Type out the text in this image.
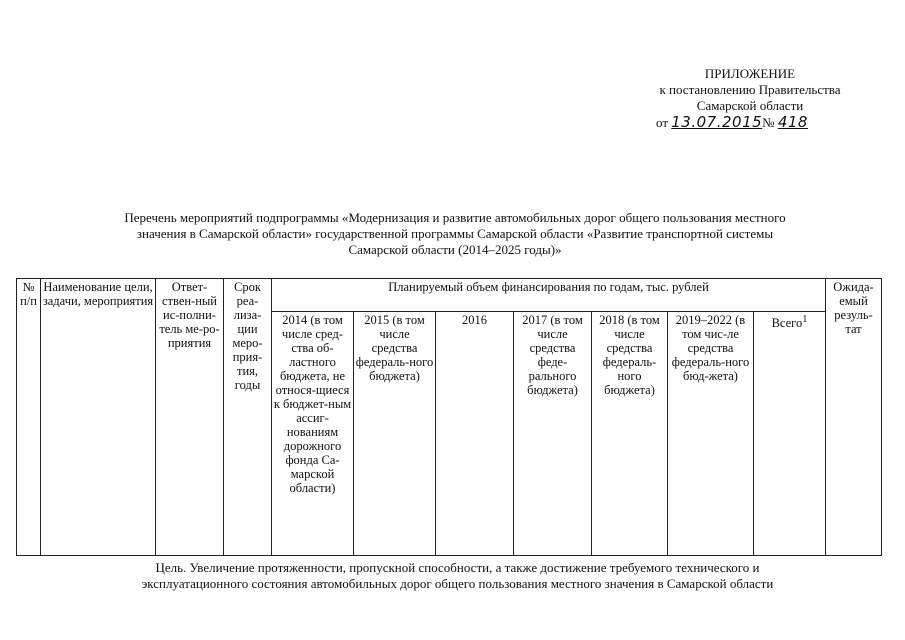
ПРИЛОЖЕНИЕ
к постановлению Правительства
Самарской области
от 13.07.2015№ 418
Перечень мероприятий подпрограммы «Модернизация и развитие автомобильных дорог общего пользования местного
значения в Самарской области» государственной программы Самарской области «Развитие транспортной системы
Самарской области (2014–2025 годы)»
№ п/п	Наименование цели, задачи, мероприятия	Ответ-ствен-ный ис-полни-тель ме-ро-приятия	Срок реа-лиза-ции меро-прия-тия, годы	Планируемый объем финансирования по годам, тыс. рублей							Ожида-емый резуль-тат
				2014 (в том числе сред-ства об-ластного бюджета, не относя-щиеся к бюджет-ным ассиг-нованиям дорожного фонда Са-марской области)	2015 (в том числе средства федераль-ного бюджета)	2016	2017 (в том числе средства феде-рального бюджета)	2018 (в том числе средства федераль-ного бюджета)	2019–2022 (в том чис-ле средства федераль-ного бюд-жета)	Всего$^1$
Цель. Увеличение протяженности, пропускной способности, а также достижение требуемого технического и
эксплуатационного состояния автомобильных дорог общего пользования местного значения в Самарской области
